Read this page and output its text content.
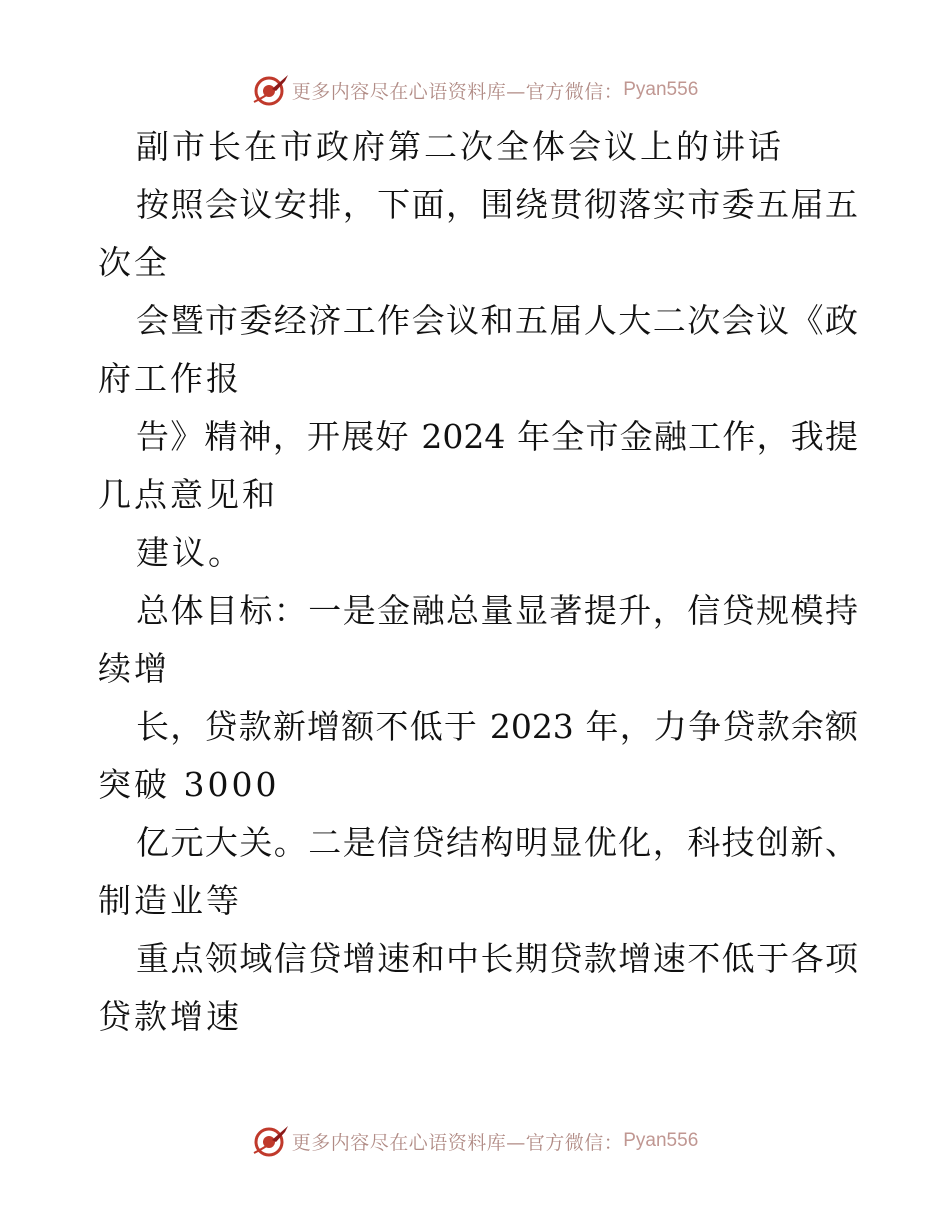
更多内容尽在心语资料库—官方微信： Pyan556
副市长在市政府第二次全体会议上的讲话
按照会议安排，下面，围绕贯彻落实市委五届五
次全
会暨市委经济工作会议和五届人大二次会议《政
府工作报
告》精神，开展好 2024 年全市金融工作，我提
几点意见和
建议。
总体目标：一是金融总量显著提升，信贷规模持
续增
长，贷款新增额不低于 2023 年，力争贷款余额
突破 3000
亿元大关。二是信贷结构明显优化，科技创新、
制造业等
重点领域信贷增速和中长期贷款增速不低于各项
贷款增速
更多内容尽在心语资料库—官方微信： Pyan556
